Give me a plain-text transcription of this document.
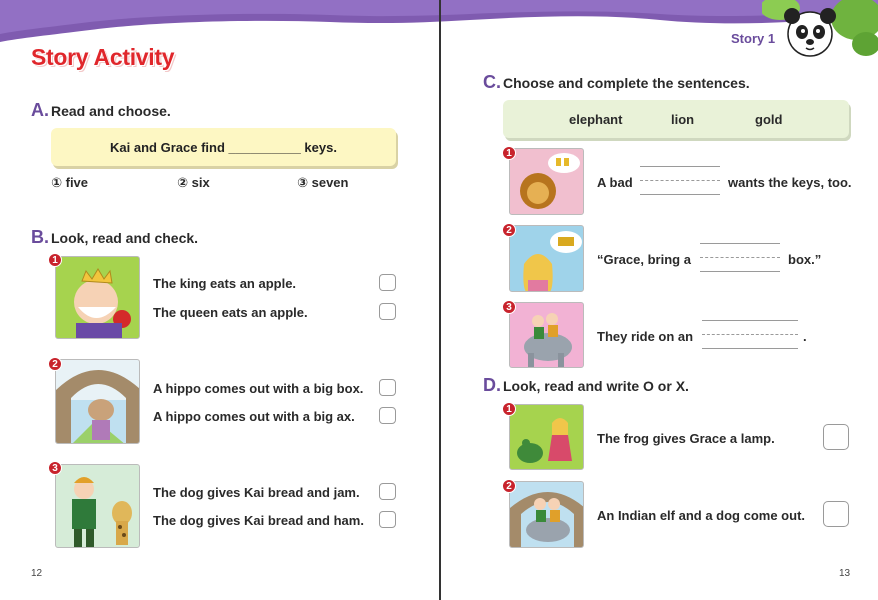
Story Activity
Story 1
A. Read and choose.
Kai and Grace find __________ keys.
① five	② six	③ seven
B. Look, read and check.
1
The king eats an apple.
The queen eats an apple.
2
A hippo comes out with a big box.
A hippo comes out with a big ax.
3
The dog gives Kai bread and jam.
The dog gives Kai bread and ham.
12
C. Choose and complete the sentences.
elephant	lion	gold
1
A bad	wants the keys, too.
2
“Grace, bring a	box.”
3
They ride on an	.
D. Look, read and write O or X.
1
The frog gives Grace a lamp.
2
An Indian elf and a dog come out.
13
